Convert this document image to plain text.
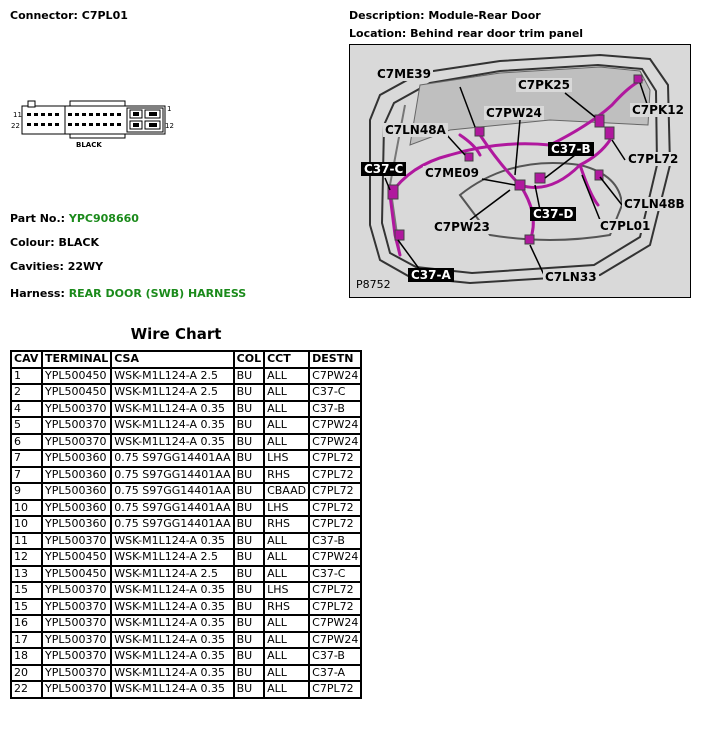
Connector: C7PL01	Description: Module-Rear Door
Location: Behind rear door trim panel
11
22
1
12
BLACK
Part No.: YPC908660
Colour: BLACK
Cavities: 22WY
Harness: REAR DOOR (SWB) HARNESS
C7ME39
C7PK25
C7PW24	C7PK12
C7LN48A
C37-B
C7PL72
C37-C C7ME09
C7LN48B
C37-D
C7PW23	C7PL01
C37-A	C7LN33
P8752
Wire Chart
CAV	TERMINAL	CSA	COL	CCT	DESTN
1	YPL500450	WSK-M1L124-A 2.5	BU	ALL	C7PW24
2	YPL500450	WSK-M1L124-A 2.5	BU	ALL	C37-C
4	YPL500370	WSK-M1L124-A 0.35	BU	ALL	C37-B
5	YPL500370	WSK-M1L124-A 0.35	BU	ALL	C7PW24
6	YPL500370	WSK-M1L124-A 0.35	BU	ALL	C7PW24
7	YPL500360	0.75 S97GG14401AA	BU	LHS	C7PL72
7	YPL500360	0.75 S97GG14401AA	BU	RHS	C7PL72
9	YPL500360	0.75 S97GG14401AA	BU	CBAAD	C7PL72
10	YPL500360	0.75 S97GG14401AA	BU	LHS	C7PL72
10	YPL500360	0.75 S97GG14401AA	BU	RHS	C7PL72
11	YPL500370	WSK-M1L124-A 0.35	BU	ALL	C37-B
12	YPL500450	WSK-M1L124-A 2.5	BU	ALL	C7PW24
13	YPL500450	WSK-M1L124-A 2.5	BU	ALL	C37-C
15	YPL500370	WSK-M1L124-A 0.35	BU	LHS	C7PL72
15	YPL500370	WSK-M1L124-A 0.35	BU	RHS	C7PL72
16	YPL500370	WSK-M1L124-A 0.35	BU	ALL	C7PW24
17	YPL500370	WSK-M1L124-A 0.35	BU	ALL	C7PW24
18	YPL500370	WSK-M1L124-A 0.35	BU	ALL	C37-B
20	YPL500370	WSK-M1L124-A 0.35	BU	ALL	C37-A
22	YPL500370	WSK-M1L124-A 0.35	BU	ALL	C7PL72
